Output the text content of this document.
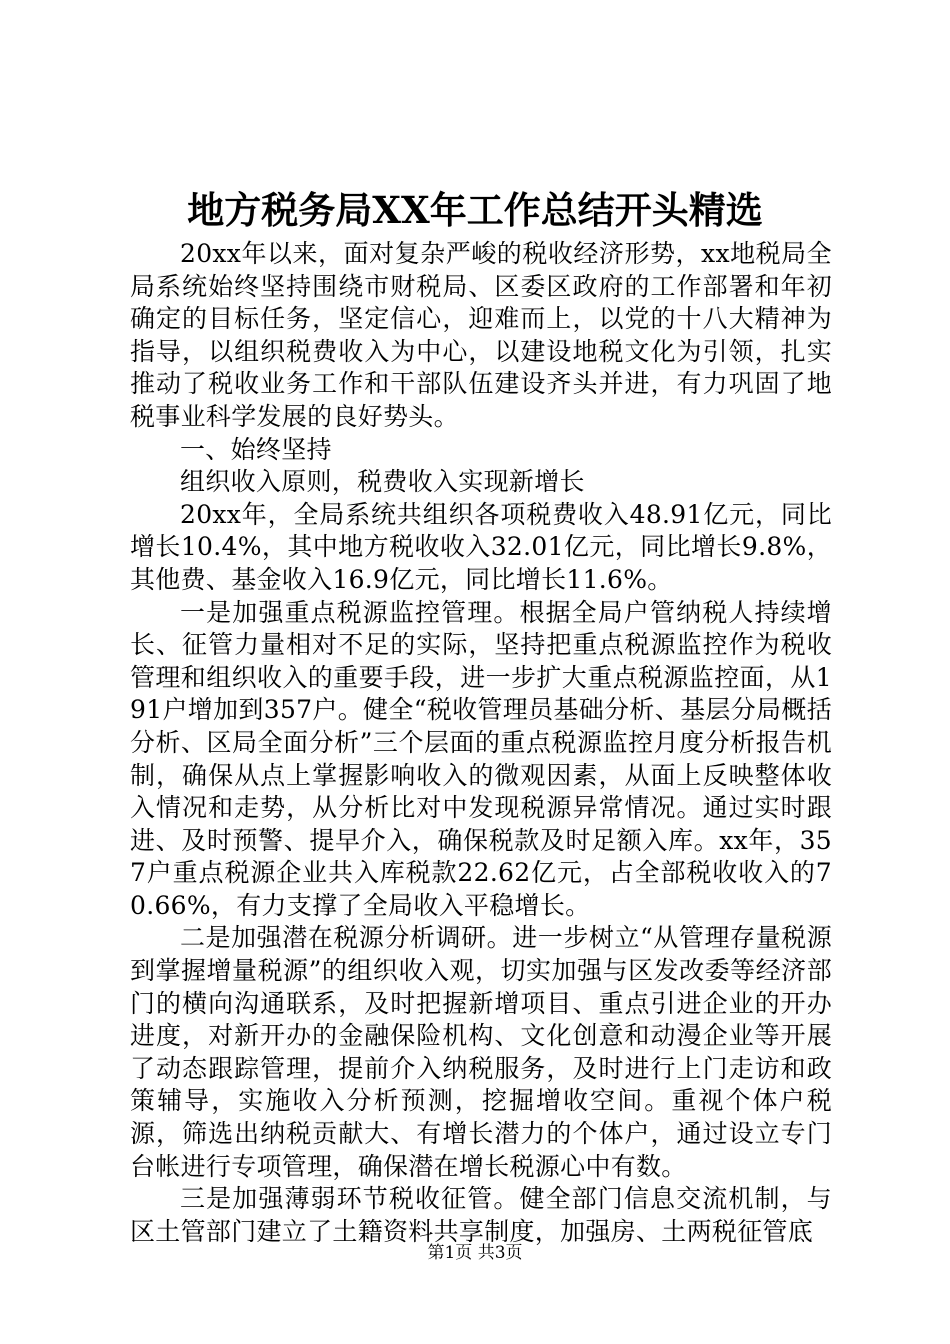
地方税务局XX年工作总结开头精选

20xx年以来，面对复杂严峻的税收经济形势，xx地税局全局系统始终坚持围绕市财税局、区委区政府的工作部署和年初确定的目标任务，坚定信心，迎难而上，以党的十八大精神为指导，以组织税费收入为中心，以建设地税文化为引领，扎实推动了税收业务工作和干部队伍建设齐头并进，有力巩固了地税事业科学发展的良好势头。

一、始终坚持

组织收入原则，税费收入实现新增长

20xx年，全局系统共组织各项税费收入48.91亿元，同比增长10.4%，其中地方税收收入32.01亿元，同比增长9.8%，其他费、基金收入16.9亿元，同比增长11.6%。

一是加强重点税源监控管理。根据全局户管纳税人持续增长、征管力量相对不足的实际，坚持把重点税源监控作为税收管理和组织收入的重要手段，进一步扩大重点税源监控面，从191户增加到357户。健全“税收管理员基础分析、基层分局概括分析、区局全面分析”三个层面的重点税源监控月度分析报告机制，确保从点上掌握影响收入的微观因素，从面上反映整体收入情况和走势，从分析比对中发现税源异常情况。通过实时跟进、及时预警、提早介入，确保税款及时足额入库。xx年，357户重点税源企业共入库税款22.62亿元，占全部税收收入的70.66%，有力支撑了全局收入平稳增长。

二是加强潜在税源分析调研。进一步树立“从管理存量税源到掌握增量税源”的组织收入观，切实加强与区发改委等经济部门的横向沟通联系，及时把握新增项目、重点引进企业的开办进度，对新开办的金融保险机构、文化创意和动漫企业等开展了动态跟踪管理，提前介入纳税服务，及时进行上门走访和政策辅导，实施收入分析预测，挖掘增收空间。重视个体户税源，筛选出纳税贡献大、有增长潜力的个体户，通过设立专门台帐进行专项管理，确保潜在增长税源心中有数。

三是加强薄弱环节税收征管。健全部门信息交流机制，与区土管部门建立了土籍资料共享制度，加强房、土两税征管底

第1页 共3页
